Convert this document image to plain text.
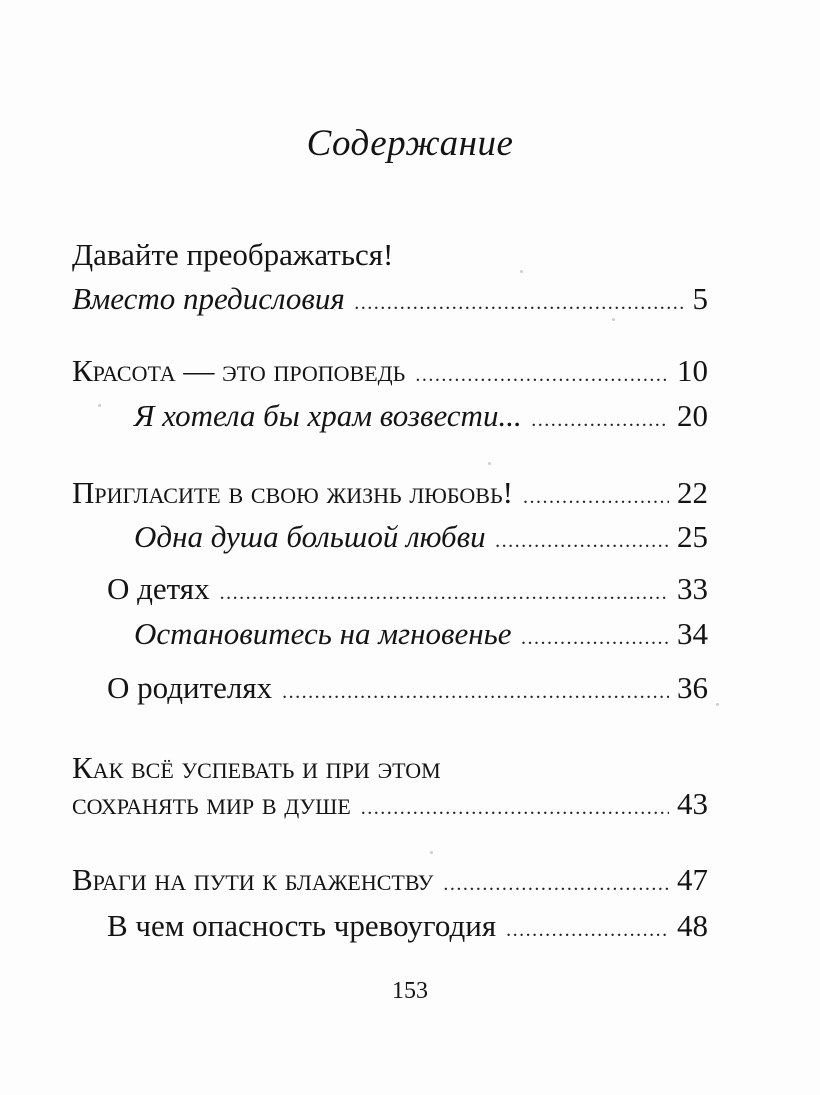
Содержание
Давайте преображаться!
Вместо предисловия .....	5
Красота — это проповедь .....	10
Я хотела бы храм возвести... .....	20
Пригласите в свою жизнь любовь! .....	22
Одна душа большой любви .....	25
О детях .....	33
Остановитесь на мгновенье .....	34
О родителях .....	36
Как всё успевать и при этом
сохранять мир в душе .....	43
Враги на пути к блаженству .....	47
В чем опасность чревоугодия .....	48
153
